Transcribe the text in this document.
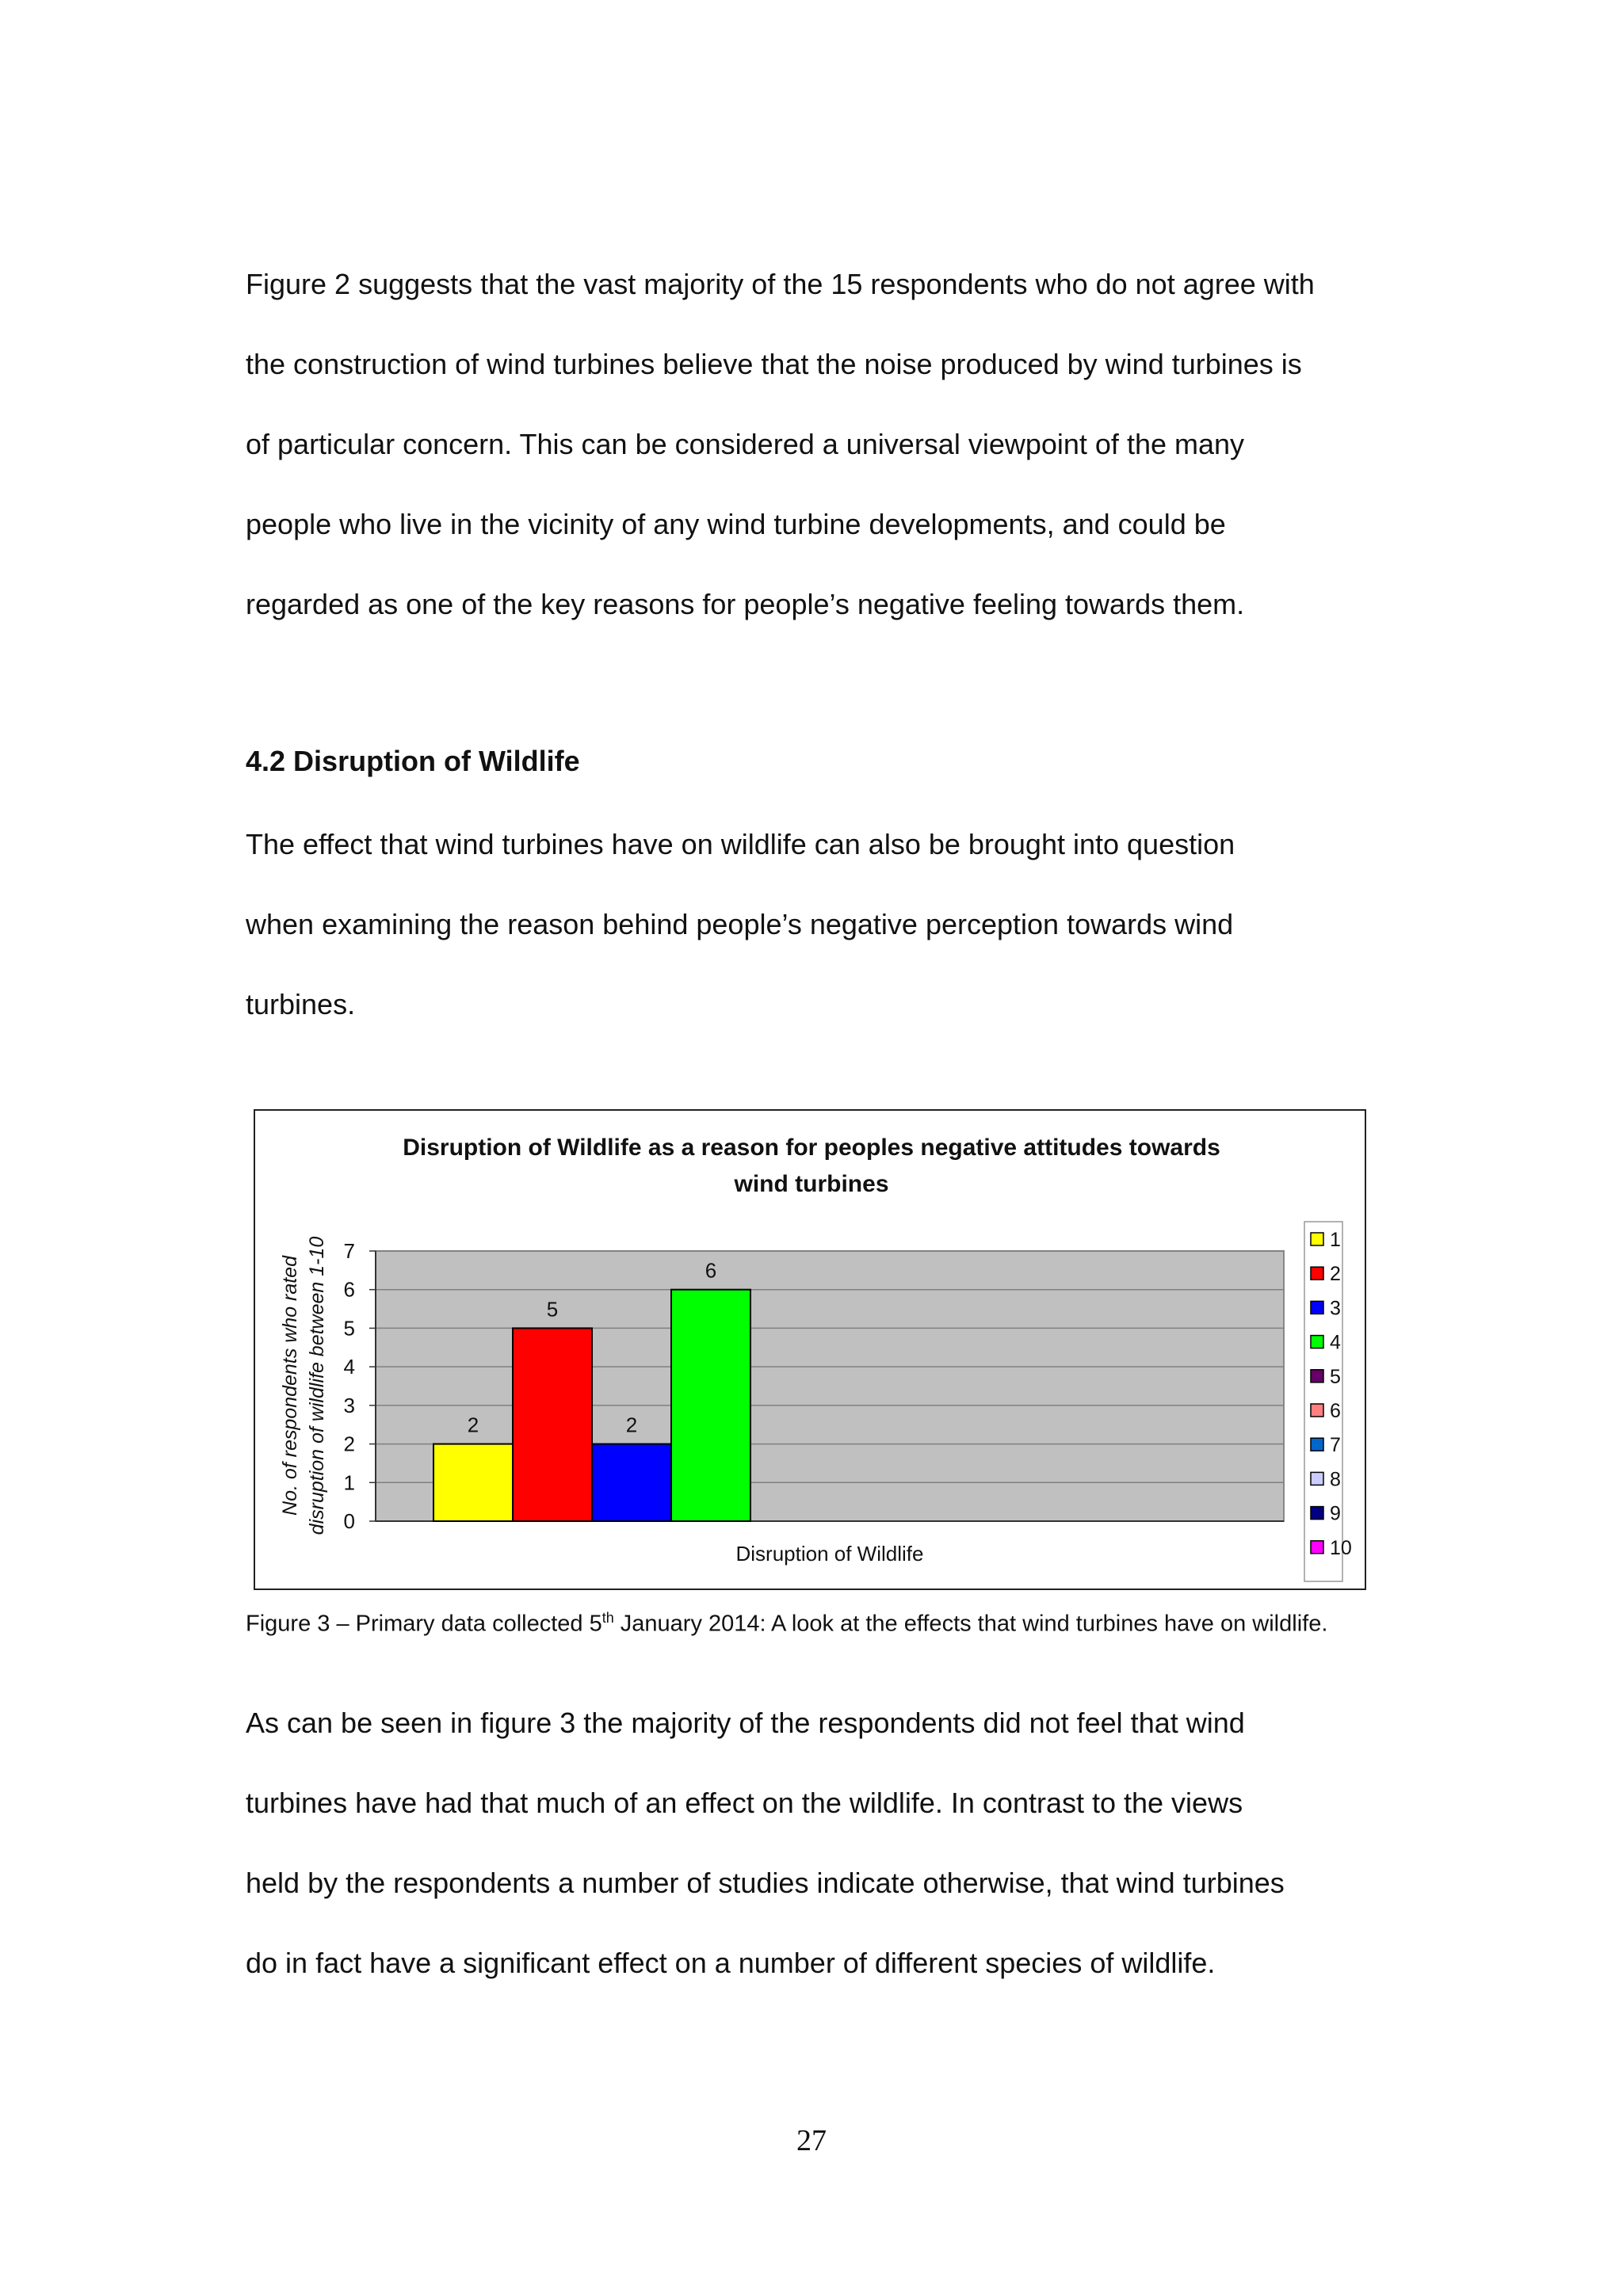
Figure 2 suggests that the vast majority of the 15 respondents who do not agree with
the construction of wind turbines believe that the noise produced by wind turbines is
of particular concern. This can be considered a universal viewpoint of the many
people who live in the vicinity of any wind turbine developments, and could be
regarded as one of the key reasons for people’s negative feeling towards them.
4.2 Disruption of Wildlife
The effect that wind turbines have on wildlife can also be brought into question
when examining the reason behind people’s negative perception towards wind
turbines.
Disruption of Wildlife as a reason for peoples negative attitudes towards
wind turbines
0
1
2
3
4
5
6
7
2
5
2
6
Disruption of Wildlife
No. of respondents who rated disruption of wildlife between 1-10	1
2
3
4
5
6
7
8
9
10

Figure 3 – Primary data collected 5th January 2014: A look at the effects that wind turbines have on wildlife.

As can be seen in figure 3 the majority of the respondents did not feel that wind
turbines have had that much of an effect on the wildlife. In contrast to the views
held by the respondents a number of studies indicate otherwise, that wind turbines
do in fact have a significant effect on a number of different species of wildlife.
27
